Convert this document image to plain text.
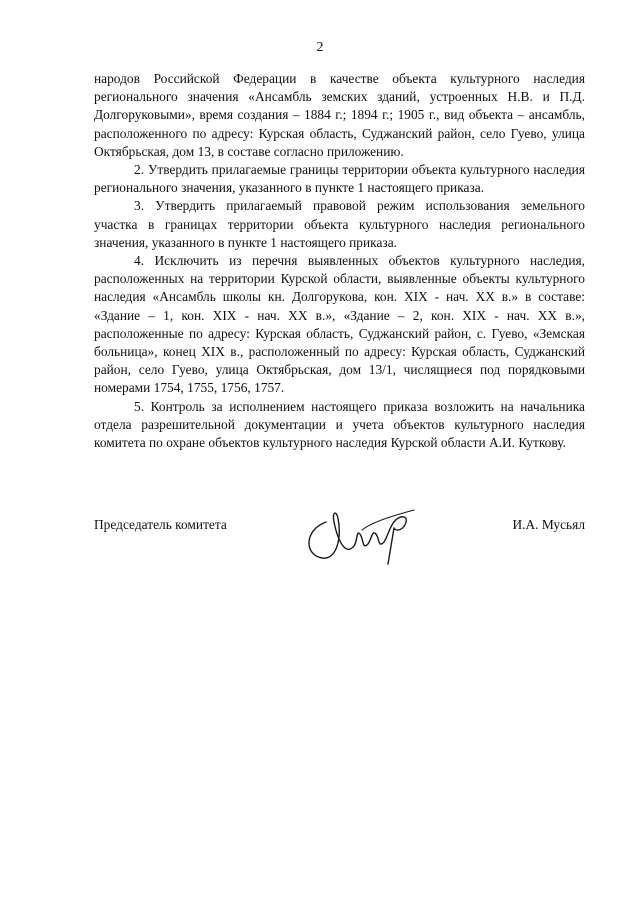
2

народов Российской Федерации в качестве объекта культурного наследия регионального значения «Ансамбль земских зданий, устроенных Н.В. и П.Д. Долгоруковыми», время создания – 1884 г.; 1894 г.; 1905 г., вид объекта – ансамбль, расположенного по адресу: Курская область, Суджанский район, село Гуево, улица Октябрьская, дом 13, в составе согласно приложению.

2. Утвердить прилагаемые границы территории объекта культурного наследия регионального значения, указанного в пункте 1 настоящего приказа.

3. Утвердить прилагаемый правовой режим использования земельного участка в границах территории объекта культурного наследия регионального значения, указанного в пункте 1 настоящего приказа.

4. Исключить из перечня выявленных объектов культурного наследия, расположенных на территории Курской области, выявленные объекты культурного наследия «Ансамбль школы кн. Долгорукова, кон. XIX - нач. XX в.» в составе: «Здание – 1, кон. XIX - нач. XX в.», «Здание – 2, кон. XIX - нач. XX в.», расположенные по адресу: Курская область, Суджанский район, с. Гуево, «Земская больница», конец XIX в., расположенный по адресу: Курская область, Суджанский район, село Гуево, улица Октябрьская, дом 13/1, числящиеся под порядковыми номерами 1754, 1755, 1756, 1757.

5. Контроль за исполнением настоящего приказа возложить на начальника отдела разрешительной документации и учета объектов культурного наследия комитета по охране объектов культурного наследия Курской области А.И. Куткову.

Председатель комитета	И.А. Мусьял
